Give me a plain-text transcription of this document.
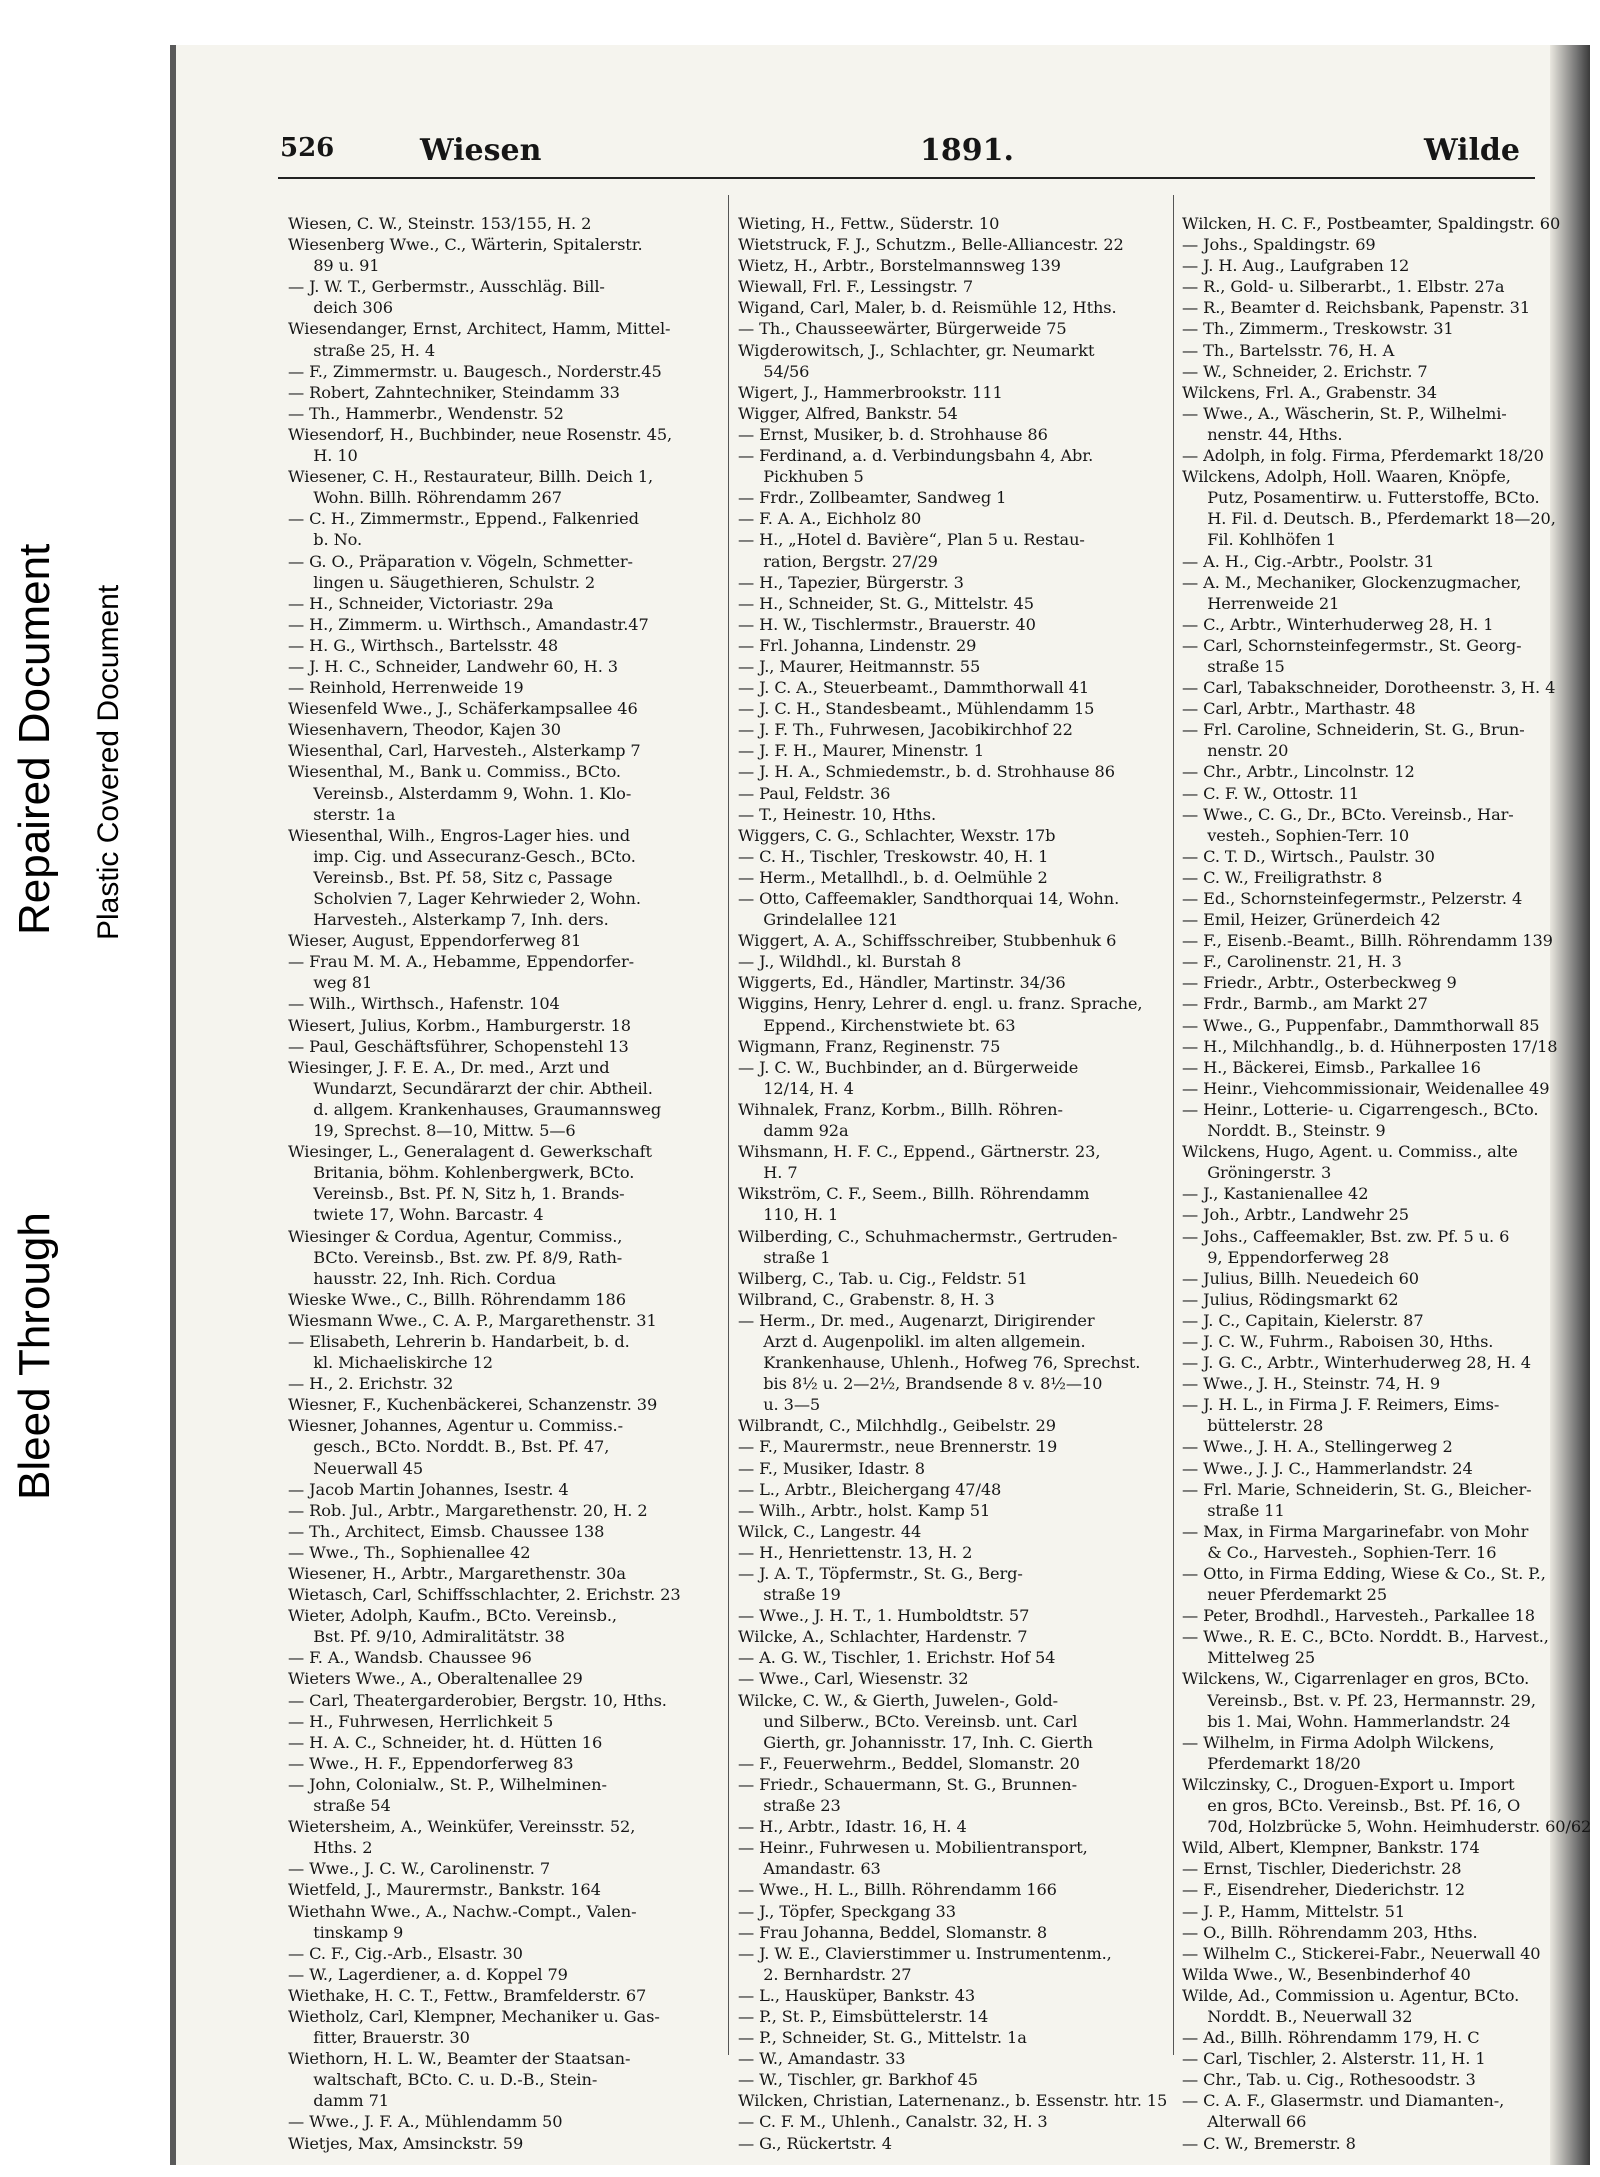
Bleed Through
Repaired Document Plastic Covered Document
526	Wiesen	1891.	Wilde
Wiesen, C. W., Steinstr. 153/155, H. 2
Wiesenberg Wwe., C., Wärterin, Spitalerstr.
89 u. 91
— J. W. T., Gerbermstr., Ausschläg. Bill-
deich 306
Wiesendanger, Ernst, Architect, Hamm, Mittel-
straße 25, H. 4
— F., Zimmermstr. u. Baugesch., Norderstr.45
— Robert, Zahntechniker, Steindamm 33
— Th., Hammerbr., Wendenstr. 52
Wiesendorf, H., Buchbinder, neue Rosenstr. 45,
H. 10
Wiesener, C. H., Restaurateur, Billh. Deich 1,
Wohn. Billh. Röhrendamm 267
— C. H., Zimmermstr., Eppend., Falkenried
b. No.
— G. O., Präparation v. Vögeln, Schmetter-
lingen u. Säugethieren, Schulstr. 2
— H., Schneider, Victoriastr. 29a
— H., Zimmerm. u. Wirthsch., Amandastr.47
— H. G., Wirthsch., Bartelsstr. 48
— J. H. C., Schneider, Landwehr 60, H. 3
— Reinhold, Herrenweide 19
Wiesenfeld Wwe., J., Schäferkampsallee 46
Wiesenhavern, Theodor, Kajen 30
Wiesenthal, Carl, Harvesteh., Alsterkamp 7
Wiesenthal, M., Bank u. Commiss., BCto.
Vereinsb., Alsterdamm 9, Wohn. 1. Klo-
sterstr. 1a
Wiesenthal, Wilh., Engros-Lager hies. und
imp. Cig. und Assecuranz-Gesch., BCto.
Vereinsb., Bst. Pf. 58, Sitz c, Passage
Scholvien 7, Lager Kehrwieder 2, Wohn.
Harvesteh., Alsterkamp 7, Inh. ders.
Wieser, August, Eppendorferweg 81
— Frau M. M. A., Hebamme, Eppendorfer-
weg 81
— Wilh., Wirthsch., Hafenstr. 104
Wiesert, Julius, Korbm., Hamburgerstr. 18
— Paul, Geschäftsführer, Schopenstehl 13
Wiesinger, J. F. E. A., Dr. med., Arzt und
Wundarzt, Secundärarzt der chir. Abtheil.
d. allgem. Krankenhauses, Graumannsweg
19, Sprechst. 8—10, Mittw. 5—6
Wiesinger, L., Generalagent d. Gewerkschaft
Britania, böhm. Kohlenbergwerk, BCto.
Vereinsb., Bst. Pf. N, Sitz h, 1. Brands-
twiete 17, Wohn. Barcastr. 4
Wiesinger & Cordua, Agentur, Commiss.,
BCto. Vereinsb., Bst. zw. Pf. 8/9, Rath-
hausstr. 22, Inh. Rich. Cordua
Wieske Wwe., C., Billh. Röhrendamm 186
Wiesmann Wwe., C. A. P., Margarethenstr. 31
— Elisabeth, Lehrerin b. Handarbeit, b. d.
kl. Michaeliskirche 12
— H., 2. Erichstr. 32
Wiesner, F., Kuchenbäckerei, Schanzenstr. 39
Wiesner, Johannes, Agentur u. Commiss.-
gesch., BCto. Norddt. B., Bst. Pf. 47,
Neuerwall 45
— Jacob Martin Johannes, Isestr. 4
— Rob. Jul., Arbtr., Margarethenstr. 20, H. 2
— Th., Architect, Eimsb. Chaussee 138
— Wwe., Th., Sophienallee 42
Wiesener, H., Arbtr., Margarethenstr. 30a
Wietasch, Carl, Schiffsschlachter, 2. Erichstr. 23
Wieter, Adolph, Kaufm., BCto. Vereinsb.,
Bst. Pf. 9/10, Admiralitätstr. 38
— F. A., Wandsb. Chaussee 96
Wieters Wwe., A., Oberaltenallee 29
— Carl, Theatergarderobier, Bergstr. 10, Hths.
— H., Fuhrwesen, Herrlichkeit 5
— H. A. C., Schneider, ht. d. Hütten 16
— Wwe., H. F., Eppendorferweg 83
— John, Colonialw., St. P., Wilhelminen-
straße 54
Wietersheim, A., Weinküfer, Vereinsstr. 52,
Hths. 2
— Wwe., J. C. W., Carolinenstr. 7
Wietfeld, J., Maurermstr., Bankstr. 164
Wiethahn Wwe., A., Nachw.-Compt., Valen-
tinskamp 9
— C. F., Cig.-Arb., Elsastr. 30
— W., Lagerdiener, a. d. Koppel 79
Wiethake, H. C. T., Fettw., Bramfelderstr. 67
Wietholz, Carl, Klempner, Mechaniker u. Gas-
fitter, Brauerstr. 30
Wiethorn, H. L. W., Beamter der Staatsan-
waltschaft, BCto. C. u. D.-B., Stein-
damm 71
— Wwe., J. F. A., Mühlendamm 50
Wietjes, Max, Amsinckstr. 59
Wieting, H., Fettw., Süderstr. 10
Wietstruck, F. J., Schutzm., Belle-Alliancestr. 22
Wietz, H., Arbtr., Borstelmannsweg 139
Wiewall, Frl. F., Lessingstr. 7
Wigand, Carl, Maler, b. d. Reismühle 12, Hths.
— Th., Chausseewärter, Bürgerweide 75
Wigderowitsch, J., Schlachter, gr. Neumarkt
54/56
Wigert, J., Hammerbrookstr. 111
Wigger, Alfred, Bankstr. 54
— Ernst, Musiker, b. d. Strohhause 86
— Ferdinand, a. d. Verbindungsbahn 4, Abr.
Pickhuben 5
— Frdr., Zollbeamter, Sandweg 1
— F. A. A., Eichholz 80
— H., „Hotel d. Bavière“, Plan 5 u. Restau-
ration, Bergstr. 27/29
— H., Tapezier, Bürgerstr. 3
— H., Schneider, St. G., Mittelstr. 45
— H. W., Tischlermstr., Brauerstr. 40
— Frl. Johanna, Lindenstr. 29
— J., Maurer, Heitmannstr. 55
— J. C. A., Steuerbeamt., Dammthorwall 41
— J. C. H., Standesbeamt., Mühlendamm 15
— J. F. Th., Fuhrwesen, Jacobikirchhof 22
— J. F. H., Maurer, Minenstr. 1
— J. H. A., Schmiedemstr., b. d. Strohhause 86
— Paul, Feldstr. 36
— T., Heinestr. 10, Hths.
Wiggers, C. G., Schlachter, Wexstr. 17b
— C. H., Tischler, Treskowstr. 40, H. 1
— Herm., Metallhdl., b. d. Oelmühle 2
— Otto, Caffeemakler, Sandthorquai 14, Wohn.
Grindelallee 121
Wiggert, A. A., Schiffsschreiber, Stubbenhuk 6
— J., Wildhdl., kl. Burstah 8
Wiggerts, Ed., Händler, Martinstr. 34/36
Wiggins, Henry, Lehrer d. engl. u. franz. Sprache,
Eppend., Kirchenstwiete bt. 63
Wigmann, Franz, Reginenstr. 75
— J. C. W., Buchbinder, an d. Bürgerweide
12/14, H. 4
Wihnalek, Franz, Korbm., Billh. Röhren-
damm 92a
Wihsmann, H. F. C., Eppend., Gärtnerstr. 23,
H. 7
Wikström, C. F., Seem., Billh. Röhrendamm
110, H. 1
Wilberding, C., Schuhmachermstr., Gertruden-
straße 1
Wilberg, C., Tab. u. Cig., Feldstr. 51
Wilbrand, C., Grabenstr. 8, H. 3
— Herm., Dr. med., Augenarzt, Dirigirender
Arzt d. Augenpolikl. im alten allgemein.
Krankenhause, Uhlenh., Hofweg 76, Sprechst.
bis 8½ u. 2—2½, Brandsende 8 v. 8½—10
u. 3—5
Wilbrandt, C., Milchhdlg., Geibelstr. 29
— F., Maurermstr., neue Brennerstr. 19
— F., Musiker, Idastr. 8
— L., Arbtr., Bleichergang 47/48
— Wilh., Arbtr., holst. Kamp 51
Wilck, C., Langestr. 44
— H., Henriettenstr. 13, H. 2
— J. A. T., Töpfermstr., St. G., Berg-
straße 19
— Wwe., J. H. T., 1. Humboldtstr. 57
Wilcke, A., Schlachter, Hardenstr. 7
— A. G. W., Tischler, 1. Erichstr. Hof 54
— Wwe., Carl, Wiesenstr. 32
Wilcke, C. W., & Gierth, Juwelen-, Gold-
und Silberw., BCto. Vereinsb. unt. Carl
Gierth, gr. Johannisstr. 17, Inh. C. Gierth
— F., Feuerwehrm., Beddel, Slomanstr. 20
— Friedr., Schauermann, St. G., Brunnen-
straße 23
— H., Arbtr., Idastr. 16, H. 4
— Heinr., Fuhrwesen u. Mobilientransport,
Amandastr. 63
— Wwe., H. L., Billh. Röhrendamm 166
— J., Töpfer, Speckgang 33
— Frau Johanna, Beddel, Slomanstr. 8
— J. W. E., Clavierstimmer u. Instrumentenm.,
2. Bernhardstr. 27
— L., Hausküper, Bankstr. 43
— P., St. P., Eimsbüttelerstr. 14
— P., Schneider, St. G., Mittelstr. 1a
— W., Amandastr. 33
— W., Tischler, gr. Barkhof 45
Wilcken, Christian, Laternenanz., b. Essenstr. htr. 15
— C. F. M., Uhlenh., Canalstr. 32, H. 3
— G., Rückertstr. 4
Wilcken, H. C. F., Postbeamter, Spaldingstr. 60
— Johs., Spaldingstr. 69
— J. H. Aug., Laufgraben 12
— R., Gold- u. Silberarbt., 1. Elbstr. 27a
— R., Beamter d. Reichsbank, Papenstr. 31
— Th., Zimmerm., Treskowstr. 31
— Th., Bartelsstr. 76, H. A
— W., Schneider, 2. Erichstr. 7
Wilckens, Frl. A., Grabenstr. 34
— Wwe., A., Wäscherin, St. P., Wilhelmi-
nenstr. 44, Hths.
— Adolph, in folg. Firma, Pferdemarkt 18/20
Wilckens, Adolph, Holl. Waaren, Knöpfe,
Putz, Posamentirw. u. Futterstoffe, BCto.
H. Fil. d. Deutsch. B., Pferdemarkt 18—20,
Fil. Kohlhöfen 1
— A. H., Cig.-Arbtr., Poolstr. 31
— A. M., Mechaniker, Glockenzugmacher,
Herrenweide 21
— C., Arbtr., Winterhuderweg 28, H. 1
— Carl, Schornsteinfegermstr., St. Georg-
straße 15
— Carl, Tabakschneider, Dorotheenstr. 3, H. 4
— Carl, Arbtr., Marthastr. 48
— Frl. Caroline, Schneiderin, St. G., Brun-
nenstr. 20
— Chr., Arbtr., Lincolnstr. 12
— C. F. W., Ottostr. 11
— Wwe., C. G., Dr., BCto. Vereinsb., Har-
vesteh., Sophien-Terr. 10
— C. T. D., Wirtsch., Paulstr. 30
— C. W., Freiligrathstr. 8
— Ed., Schornsteinfegermstr., Pelzerstr. 4
— Emil, Heizer, Grünerdeich 42
— F., Eisenb.-Beamt., Billh. Röhrendamm 139
— F., Carolinenstr. 21, H. 3
— Friedr., Arbtr., Osterbeckweg 9
— Frdr., Barmb., am Markt 27
— Wwe., G., Puppenfabr., Dammthorwall 85
— H., Milchhandlg., b. d. Hühnerposten 17/18
— H., Bäckerei, Eimsb., Parkallee 16
— Heinr., Viehcommissionair, Weidenallee 49
— Heinr., Lotterie- u. Cigarrengesch., BCto.
Norddt. B., Steinstr. 9
Wilckens, Hugo, Agent. u. Commiss., alte
Gröningerstr. 3
— J., Kastanienallee 42
— Joh., Arbtr., Landwehr 25
— Johs., Caffeemakler, Bst. zw. Pf. 5 u. 6
9, Eppendorferweg 28
— Julius, Billh. Neuedeich 60
— Julius, Rödingsmarkt 62
— J. C., Capitain, Kielerstr. 87
— J. C. W., Fuhrm., Raboisen 30, Hths.
— J. G. C., Arbtr., Winterhuderweg 28, H. 4
— Wwe., J. H., Steinstr. 74, H. 9
— J. H. L., in Firma J. F. Reimers, Eims-
büttelerstr. 28
— Wwe., J. H. A., Stellingerweg 2
— Wwe., J. J. C., Hammerlandstr. 24
— Frl. Marie, Schneiderin, St. G., Bleicher-
straße 11
— Max, in Firma Margarinefabr. von Mohr
& Co., Harvesteh., Sophien-Terr. 16
— Otto, in Firma Edding, Wiese & Co., St. P.,
neuer Pferdemarkt 25
— Peter, Brodhdl., Harvesteh., Parkallee 18
— Wwe., R. E. C., BCto. Norddt. B., Harvest.,
Mittelweg 25
Wilckens, W., Cigarrenlager en gros, BCto.
Vereinsb., Bst. v. Pf. 23, Hermannstr. 29,
bis 1. Mai, Wohn. Hammerlandstr. 24
— Wilhelm, in Firma Adolph Wilckens,
Pferdemarkt 18/20
Wilczinsky, C., Droguen-Export u. Import
en gros, BCto. Vereinsb., Bst. Pf. 16, O
70d, Holzbrücke 5, Wohn. Heimhuderstr. 60/62
Wild, Albert, Klempner, Bankstr. 174
— Ernst, Tischler, Diederichstr. 28
— F., Eisendreher, Diederichstr. 12
— J. P., Hamm, Mittelstr. 51
— O., Billh. Röhrendamm 203, Hths.
— Wilhelm C., Stickerei-Fabr., Neuerwall 40
Wilda Wwe., W., Besenbinderhof 40
Wilde, Ad., Commission u. Agentur, BCto.
Norddt. B., Neuerwall 32
— Ad., Billh. Röhrendamm 179, H. C
— Carl, Tischler, 2. Alsterstr. 11, H. 1
— Chr., Tab. u. Cig., Rothesoodstr. 3
— C. A. F., Glasermstr. und Diamanten-,
Alterwall 66
— C. W., Bremerstr. 8
